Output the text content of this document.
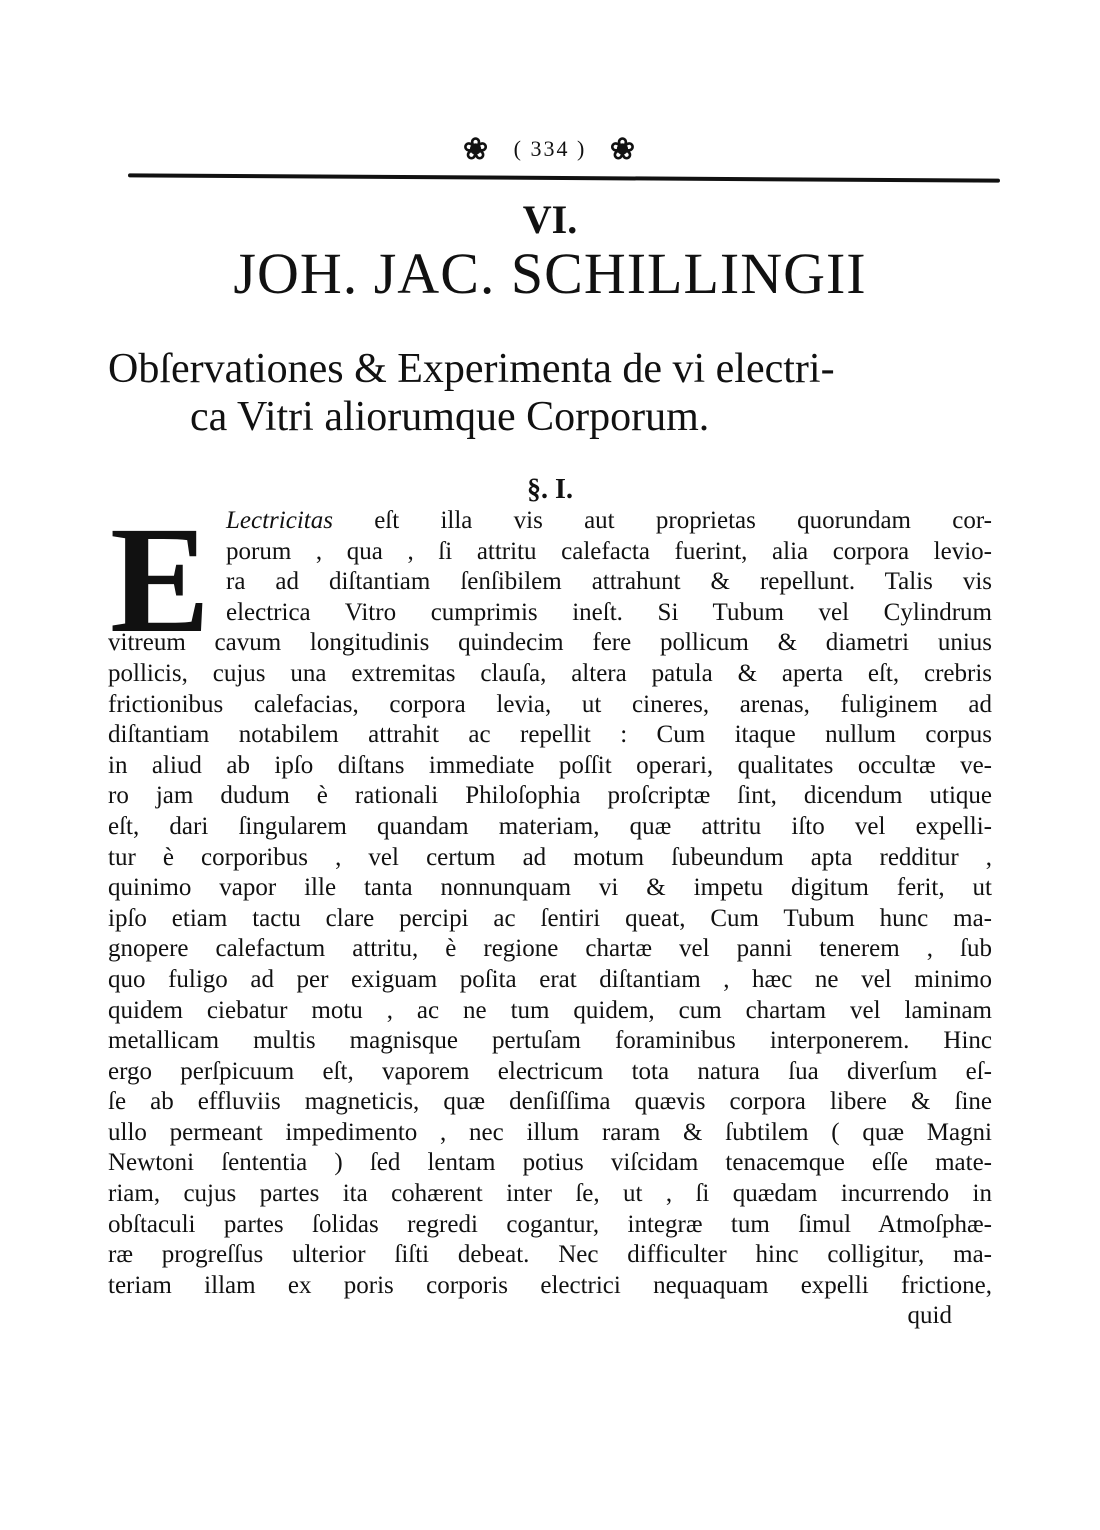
❀ ( 334 ) ❀
VI.
JOH. JAC. SCHILLINGII
Obſervationes & Experimenta de vi electri-
ca Vitri aliorumque Corporum.
§. I.
E Lectricitas eſt illa vis aut proprietas quorundam cor-
porum , qua , ſi attritu calefacta fuerint, alia corpora levio-
ra ad diſtantiam ſenſibilem attrahunt & repellunt. Talis vis
electrica Vitro cumprimis ineſt. Si Tubum vel Cylindrum
vitreum cavum longitudinis quindecim fere pollicum & diametri unius
pollicis, cujus una extremitas clauſa, altera patula & aperta eſt, crebris
frictionibus calefacias, corpora levia, ut cineres, arenas, fuliginem ad
diſtantiam notabilem attrahit ac repellit : Cum itaque nullum corpus
in aliud ab ipſo diſtans immediate poſſit operari, qualitates occultæ ve-
ro jam dudum è rationali Philoſophia proſcriptæ ſint, dicendum utique
eſt, dari ſingularem quandam materiam, quæ attritu iſto vel expelli-
tur è corporibus , vel certum ad motum ſubeundum apta redditur ,
quinimo vapor ille tanta nonnunquam vi & impetu digitum ferit, ut
ipſo etiam tactu clare percipi ac ſentiri queat, Cum Tubum hunc ma-
gnopere calefactum attritu, è regione chartæ vel panni tenerem , ſub
quo fuligo ad per exiguam poſita erat diſtantiam , hæc ne vel minimo
quidem ciebatur motu , ac ne tum quidem, cum chartam vel laminam
metallicam multis magnisque pertuſam foraminibus interponerem. Hinc
ergo perſpicuum eſt, vaporem electricum tota natura ſua diverſum eſ-
ſe ab effluviis magneticis, quæ denſiſſima quævis corpora libere & ſine
ullo permeant impedimento , nec illum raram & ſubtilem ( quæ Magni
Newtoni ſententia ) ſed lentam potius viſcidam tenacemque eſſe mate-
riam, cujus partes ita cohærent inter ſe, ut , ſi quædam incurrendo in
obſtaculi partes ſolidas regredi cogantur, integræ tum ſimul Atmoſphæ-
ræ progreſſus ulterior ſiſti debeat. Nec difficulter hinc colligitur, ma-
teriam illam ex poris corporis electrici nequaquam expelli frictione,
quid
